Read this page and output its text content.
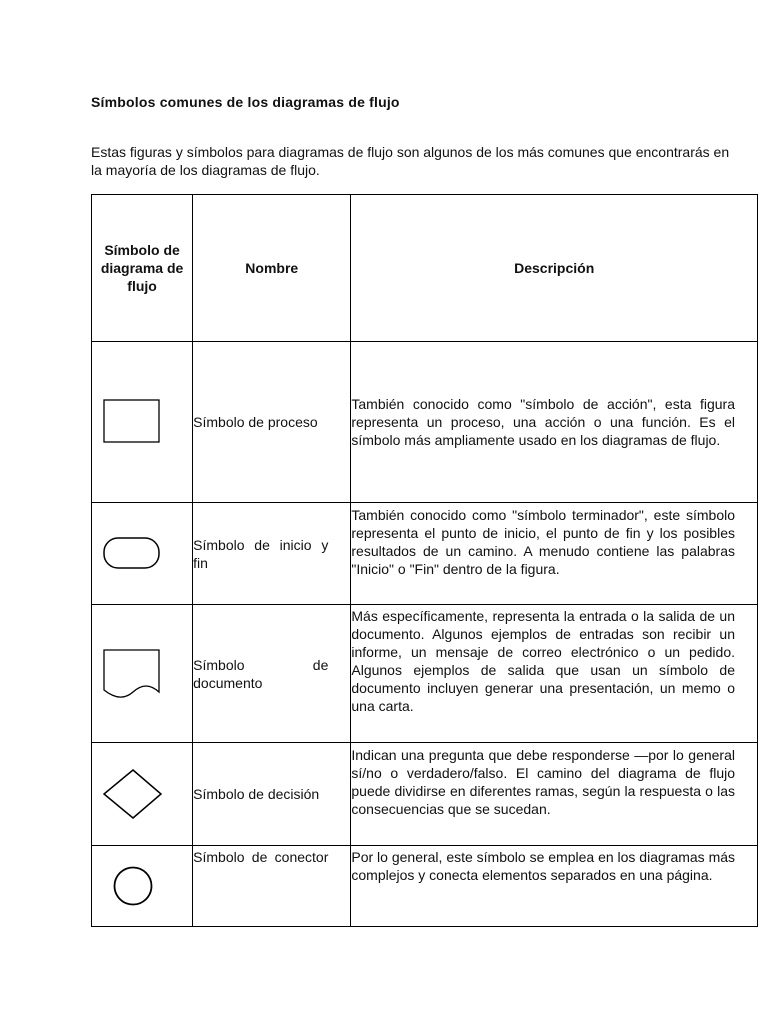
Símbolos comunes de los diagramas de flujo
Estas figuras y símbolos para diagramas de flujo son algunos de los más comunes que encontrarás en la mayoría de los diagramas de flujo.
Símbolo de diagrama de flujo	Nombre	Descripción

	Símbolo de proceso	También conocido como "símbolo de acción", esta figura representa un proceso, una acción o una función. Es el símbolo más ampliamente usado en los diagramas de flujo.

	Símbolo de inicio y fin	También conocido como "símbolo terminador", este símbolo representa el punto de inicio, el punto de fin y los posibles resultados de un camino. A menudo contiene las palabras "Inicio" o "Fin" dentro de la figura.

	Símbolo de documento	Más específicamente, representa la entrada o la salida de un documento. Algunos ejemplos de entradas son recibir un informe, un mensaje de correo electrónico o un pedido. Algunos ejemplos de salida que usan un símbolo de documento incluyen generar una presentación, un memo o una carta.

	Símbolo de decisión	Indican una pregunta que debe responderse —por lo general sí/no o verdadero/falso. El camino del diagrama de flujo puede dividirse en diferentes ramas, según la respuesta o las consecuencias que se sucedan.

	Símbolo de conector	Por lo general, este símbolo se emplea en los diagramas más complejos y conecta elementos separados en una página.
